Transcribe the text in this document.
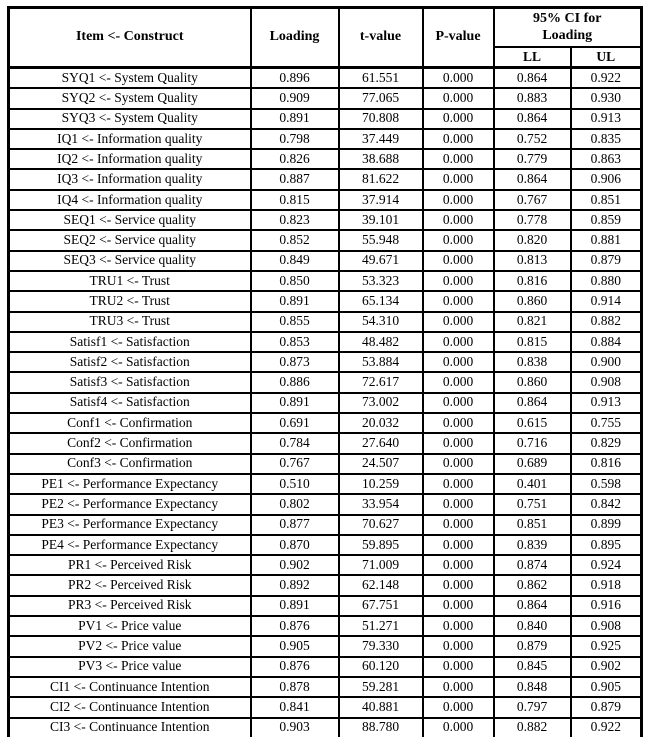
Item <- Construct	Loading	t-value	P-value	95% CI for Loading	
				LL	UL
SYQ1 <- System Quality	0.896	61.551	0.000	0.864	0.922
SYQ2 <- System Quality	0.909	77.065	0.000	0.883	0.930
SYQ3 <- System Quality	0.891	70.808	0.000	0.864	0.913
IQ1 <- Information quality	0.798	37.449	0.000	0.752	0.835
IQ2 <- Information quality	0.826	38.688	0.000	0.779	0.863
IQ3 <- Information quality	0.887	81.622	0.000	0.864	0.906
IQ4 <- Information quality	0.815	37.914	0.000	0.767	0.851
SEQ1 <- Service quality	0.823	39.101	0.000	0.778	0.859
SEQ2 <- Service quality	0.852	55.948	0.000	0.820	0.881
SEQ3 <- Service quality	0.849	49.671	0.000	0.813	0.879
TRU1 <- Trust	0.850	53.323	0.000	0.816	0.880
TRU2 <- Trust	0.891	65.134	0.000	0.860	0.914
TRU3 <- Trust	0.855	54.310	0.000	0.821	0.882
Satisf1 <- Satisfaction	0.853	48.482	0.000	0.815	0.884
Satisf2 <- Satisfaction	0.873	53.884	0.000	0.838	0.900
Satisf3 <- Satisfaction	0.886	72.617	0.000	0.860	0.908
Satisf4 <- Satisfaction	0.891	73.002	0.000	0.864	0.913
Conf1 <- Confirmation	0.691	20.032	0.000	0.615	0.755
Conf2 <- Confirmation	0.784	27.640	0.000	0.716	0.829
Conf3 <- Confirmation	0.767	24.507	0.000	0.689	0.816
PE1 <- Performance Expectancy	0.510	10.259	0.000	0.401	0.598
PE2 <- Performance Expectancy	0.802	33.954	0.000	0.751	0.842
PE3 <- Performance Expectancy	0.877	70.627	0.000	0.851	0.899
PE4 <- Performance Expectancy	0.870	59.895	0.000	0.839	0.895
PR1 <- Perceived Risk	0.902	71.009	0.000	0.874	0.924
PR2 <- Perceived Risk	0.892	62.148	0.000	0.862	0.918
PR3 <- Perceived Risk	0.891	67.751	0.000	0.864	0.916
PV1 <- Price value	0.876	51.271	0.000	0.840	0.908
PV2 <- Price value	0.905	79.330	0.000	0.879	0.925
PV3 <- Price value	0.876	60.120	0.000	0.845	0.902
CI1 <- Continuance Intention	0.878	59.281	0.000	0.848	0.905
CI2 <- Continuance Intention	0.841	40.881	0.000	0.797	0.879
CI3 <- Continuance Intention	0.903	88.780	0.000	0.882	0.922
